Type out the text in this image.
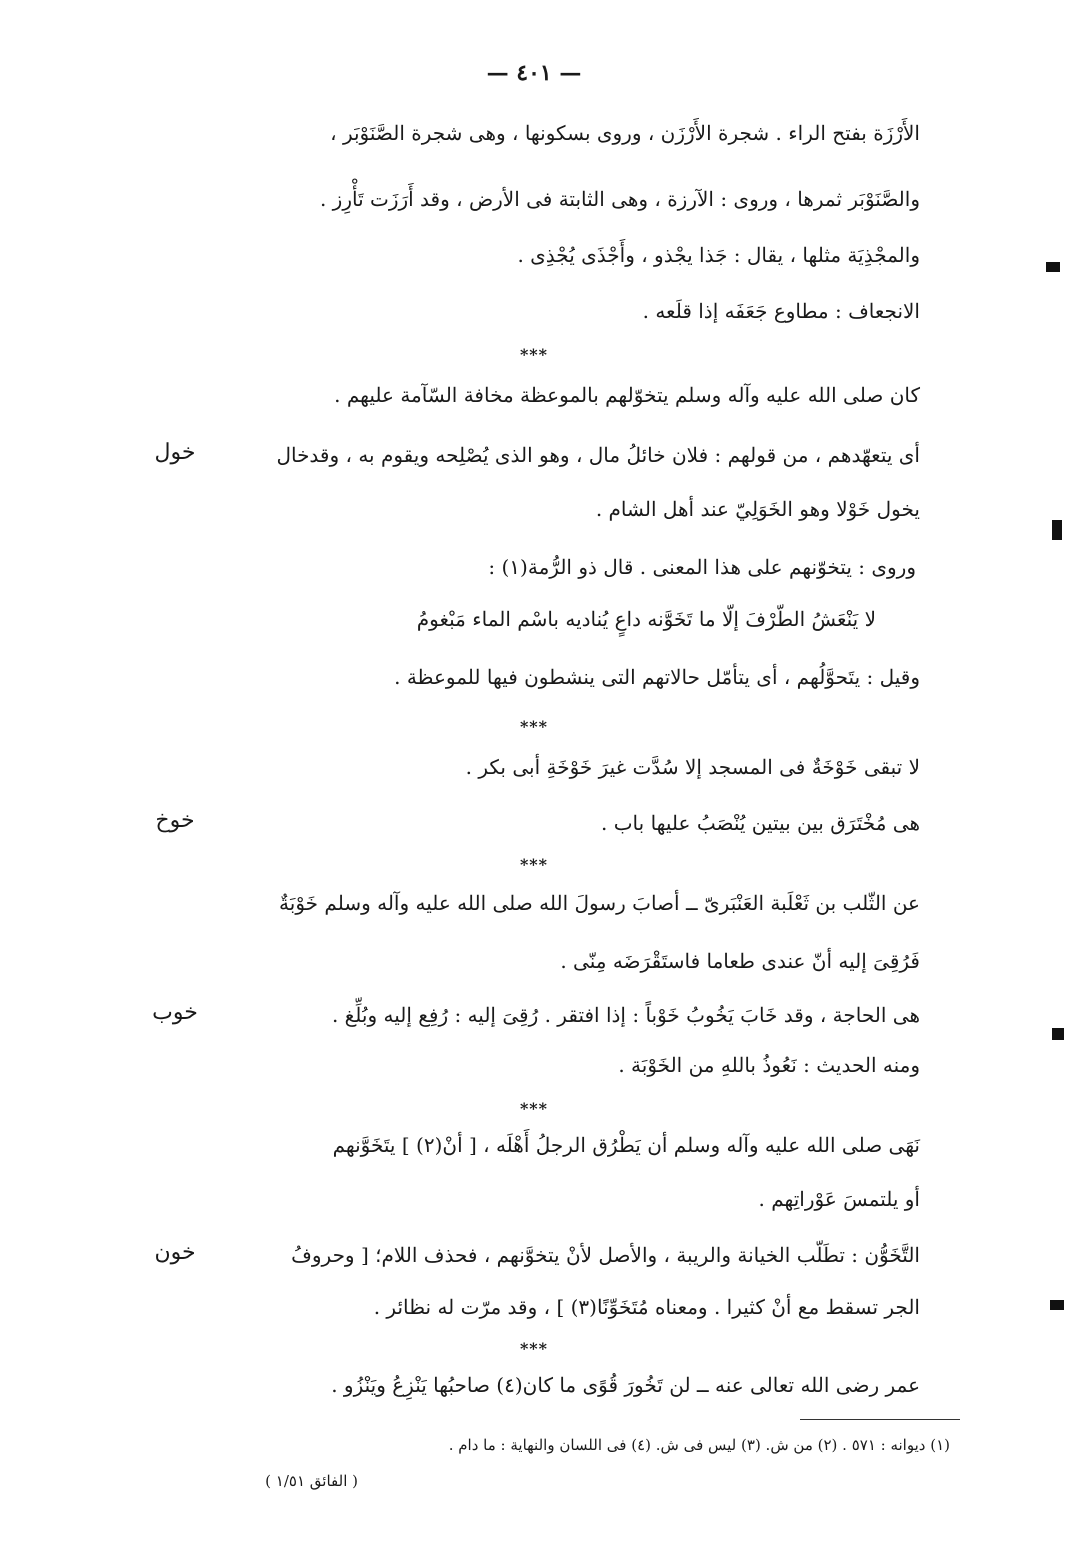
— ٤٠١ —
الأَرْزَة بفتح الراء . شجرة الأَرْزَن ، وروى بسكونها ، وهى شجرة الصَّنَوْبَر ،
والصَّنَوْبَر ثمرها ، وروى : الآرزة ، وهى الثابتة فى الأرض ، وقد أَرَزَت تَأْرِز .
والمجْذِيَة مثلها ، يقال : جَذا يجْذو ، وأَجْذَى يُجْذِى .
الانجعاف : مطاوع جَعَفَه إذا قلَعه .
***
كان صلى الله عليه وآله وسلم يتخوّلهم بالموعظة مخافة السّآمة عليهم .
أى يتعهّدهم ، من قولهم : فلان خائلُ مال ، وهو الذى يُصْلِحه ويقوم به ، وقدخال
خول
يخول خَوْلا وهو الخَوَلِيّ عند أهل الشام .
وروى : يتخوّنهم على هذا المعنى . قال ذو الرُّمة(١) :
لا يَنْعَشُ الطّرْفَ إلّا ما تَخَوَّنه داعٍ يُناديه باسْم الماء مَبْغومُ
وقيل : يتَحوَّلُهم ، أى يتأمّل حالاتهم التى ينشطون فيها للموعظة .
***
لا تبقى خَوْخَةٌ فى المسجد إلا سُدَّت غيرَ خَوْخَةِ أبى بكر .
هى مُخْتَرَق بين بيتين يُنْصَبُ عليها باب .
خوخ
***
عن الثّلب بن ثَعْلَبة العَنْبَرىّ ــ أصابَ رسولَ الله صلى الله عليه وآله وسلم خَوْبَةٌ
فَرُقِىَ إليه أنّ عندى طعاما فاستَقْرَضَه مِنّى .
هى الحاجة ، وقد خَابَ يَخُوبُ خَوْباً : إذا افتقر . رُقِىَ إليه : رُفِع إليه وبُلِّغ .
خوب
ومنه الحديث : نَعُوذُ باللهِ من الخَوْبَة .
***
نَهَى صلى الله عليه وآله وسلم أن يَطْرُق الرجلُ أَهْلَه ، [ أنْ(٢) ] يتَخَوَّنهم
أو يلتمسَ عَوْراتِهم .
التَّخَوُّن : تطَلّب الخيانة والريبة ، والأصل لأنْ يتخوَّنهم ، فحذف اللام؛ [ وحروفُ
خون
الجر تسقط مع أنْ كثيرا . ومعناه مُتَخَوِّنًا(٣) ] ، وقد مرّت له نظائر .
***
عمر رضى الله تعالى عنه ــ لن تَخُورَ قُوًى ما كان(٤) صاحبُها يَنْزِعُ ويَنْزُو .
(١) ديوانه : ٥٧١ . (٢) من ش. (٣) ليس فى ش. (٤) فى اللسان والنهاية : ما دام .
( الفائق ١/٥١ )
